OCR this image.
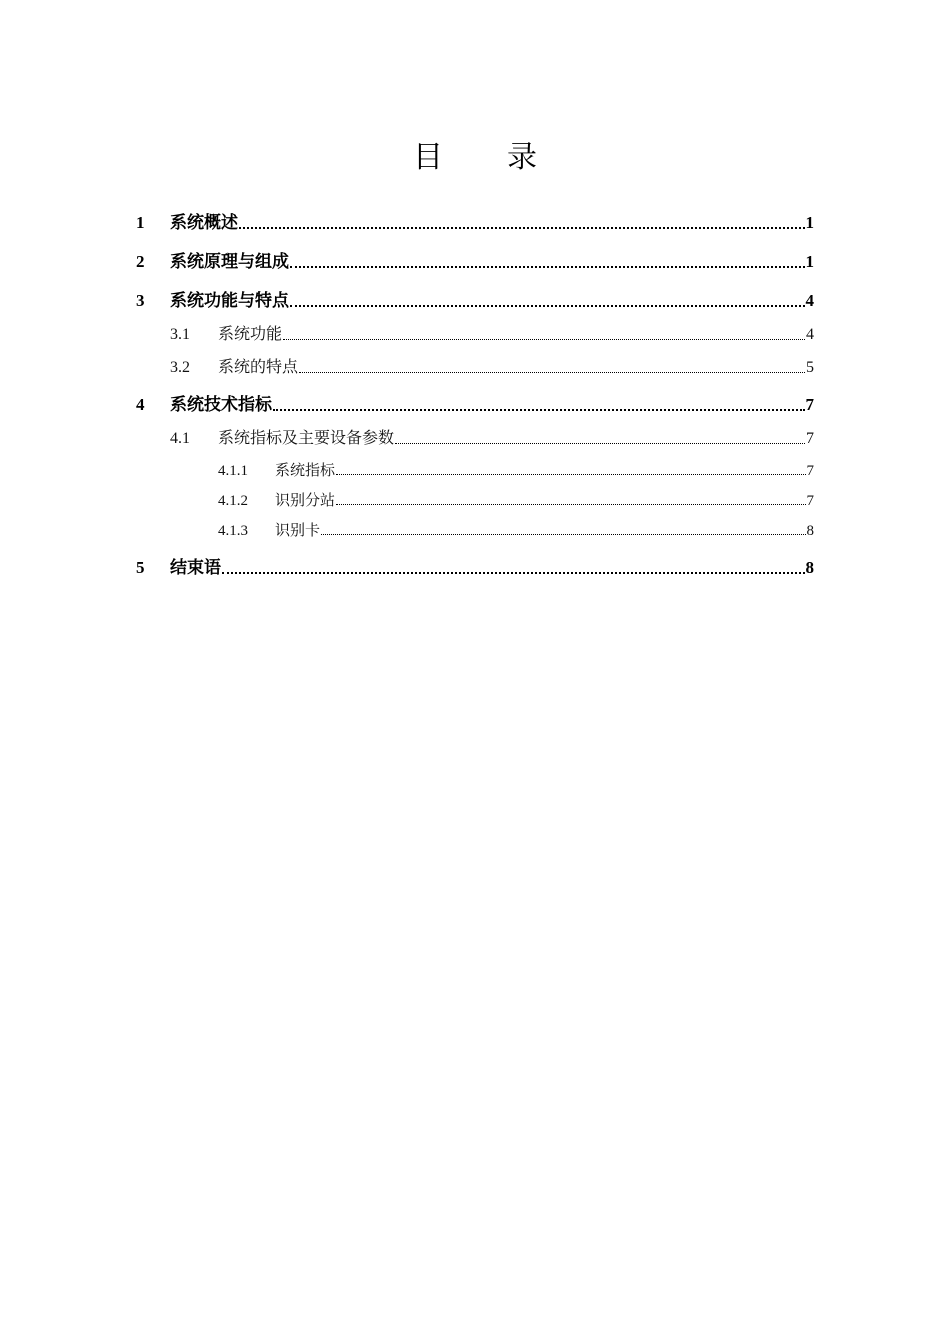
目 录
1	系统概述	1
2	系统原理与组成	1
3	系统功能与特点	4
3.1	系统功能	4
3.2	系统的特点	5
4	系统技术指标	7
4.1	系统指标及主要设备参数	7
4.1.1	系统指标	7
4.1.2	识别分站	7
4.1.3	识别卡	8
5	结束语	8
